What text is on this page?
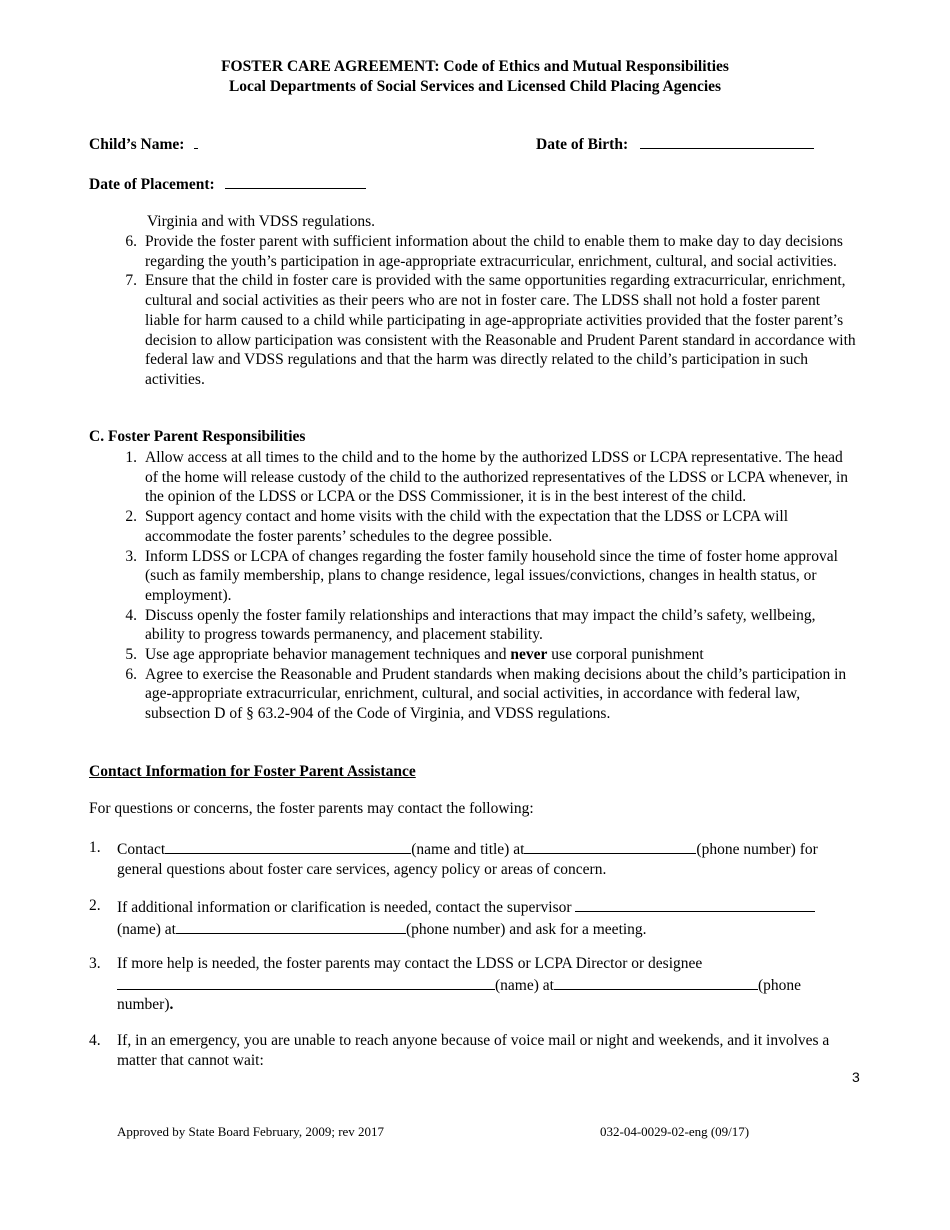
FOSTER CARE AGREEMENT: Code of Ethics and Mutual Responsibilities
Local Departments of Social Services and Licensed Child Placing Agencies
Child’s Name:	Date of Birth:
Date of Placement:
Virginia and with VDSS regulations.
6. Provide the foster parent with sufficient information about the child to enable them to make day to day decisions regarding the youth’s participation in age-appropriate extracurricular, enrichment, cultural, and social activities.
7. Ensure that the child in foster care is provided with the same opportunities regarding extracurricular, enrichment, cultural and social activities as their peers who are not in foster care. The LDSS shall not hold a foster parent liable for harm caused to a child while participating in age-appropriate activities provided that the foster parent’s decision to allow participation was consistent with the Reasonable and Prudent Parent standard in accordance with federal law and VDSS regulations and that the harm was directly related to the child’s participation in such activities.
C. Foster Parent Responsibilities
1. Allow access at all times to the child and to the home by the authorized LDSS or LCPA representative. The head of the home will release custody of the child to the authorized representatives of the LDSS or LCPA whenever, in the opinion of the LDSS or LCPA or the DSS Commissioner, it is in the best interest of the child.
2. Support agency contact and home visits with the child with the expectation that the LDSS or LCPA will accommodate the foster parents’ schedules to the degree possible.
3. Inform LDSS or LCPA of changes regarding the foster family household since the time of foster home approval (such as family membership, plans to change residence, legal issues/convictions, changes in health status, or employment).
4. Discuss openly the foster family relationships and interactions that may impact the child’s safety, wellbeing, ability to progress towards permanency, and placement stability.
5. Use age appropriate behavior management techniques and never use corporal punishment
6. Agree to exercise the Reasonable and Prudent standards when making decisions about the child’s participation in age-appropriate extracurricular, enrichment, cultural, and social activities, in accordance with federal law, subsection D of § 63.2-904 of the Code of Virginia, and VDSS regulations.
Contact Information for Foster Parent Assistance
For questions or concerns, the foster parents may contact the following:
1. Contact	(name and title) at	(phone number) for
general questions about foster care services, agency policy or areas of concern.
2. If additional information or clarification is needed, contact the supervisor
(name) at	(phone number) and ask for a meeting.
3. If more help is needed, the foster parents may contact the LDSS or LCPA Director or designee
(name) at	(phone
number).
4. If, in an emergency, you are unable to reach anyone because of voice mail or night and weekends, and it involves a matter that cannot wait:
3
Approved by State Board February, 2009; rev 2017	032-04-0029-02-eng (09/17)
